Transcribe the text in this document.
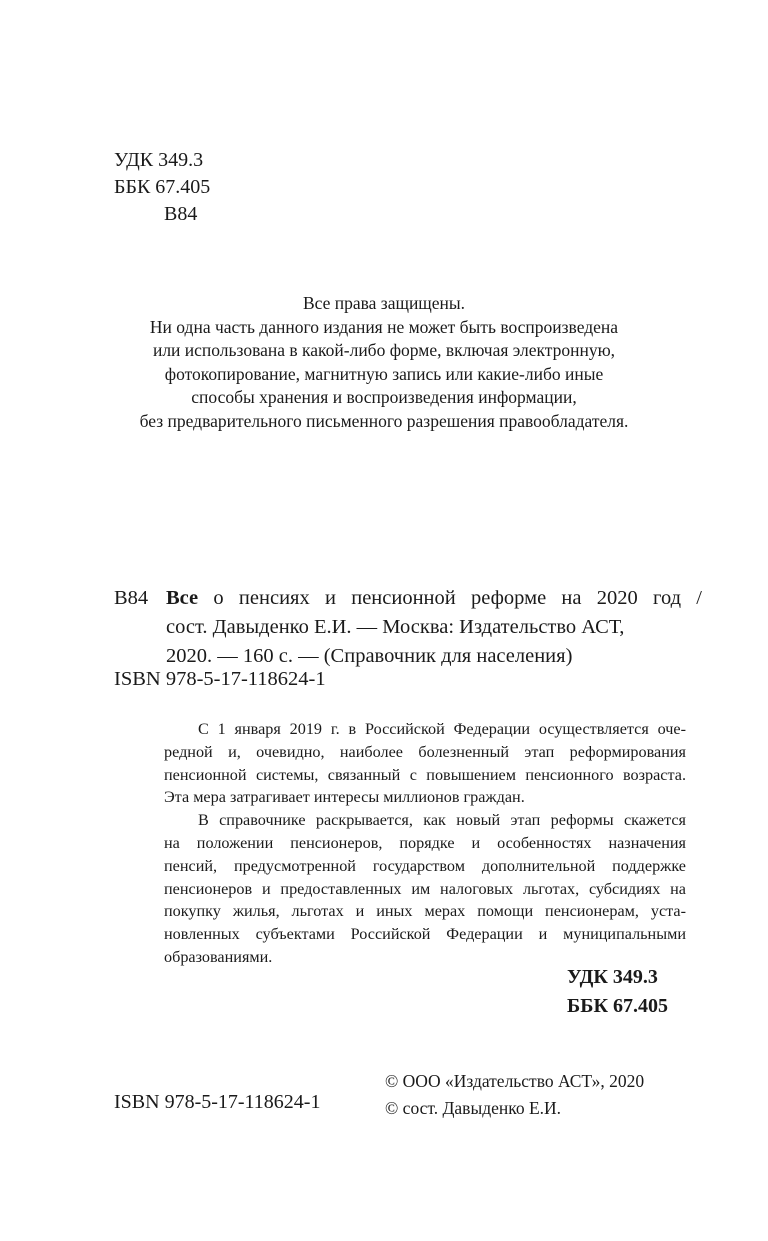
УДК 349.3
ББК 67.405
В84
Все права защищены.
Ни одна часть данного издания не может быть воспроизведена
или использована в какой-либо форме, включая электронную,
фотокопирование, магнитную запись или какие-либо иные
способы хранения и воспроизведения информации,
без предварительного письменного разрешения правообладателя.
В84 Все о пенсиях и пенсионной реформе на 2020 год /
сост. Давыденко Е.И. — Москва: Издательство АСТ,
2020. — 160 с. — (Справочник для населения)
ISBN 978-5-17-118624-1

С 1 января 2019 г. в Российской Федерации осуществляется оче-
редной и, очевидно, наиболее болезненный этап реформирования
пенсионной системы, связанный с повышением пенсионного возраста.
Эта мера затрагивает интересы миллионов граждан.

В справочнике раскрывается, как новый этап реформы скажется
на положении пенсионеров, порядке и особенностях назначения
пенсий, предусмотренной государством дополнительной поддержке
пенсионеров и предоставленных им налоговых льготах, субсидиях на
покупку жилья, льготах и иных мерах помощи пенсионерам, уста-
новленных субъектами Российской Федерации и муниципальными
образованиями.

УДК 349.3
ББК 67.405
© ООО «Издательство АСТ», 2020
© сост. Давыденко Е.И.
ISBN 978-5-17-118624-1
